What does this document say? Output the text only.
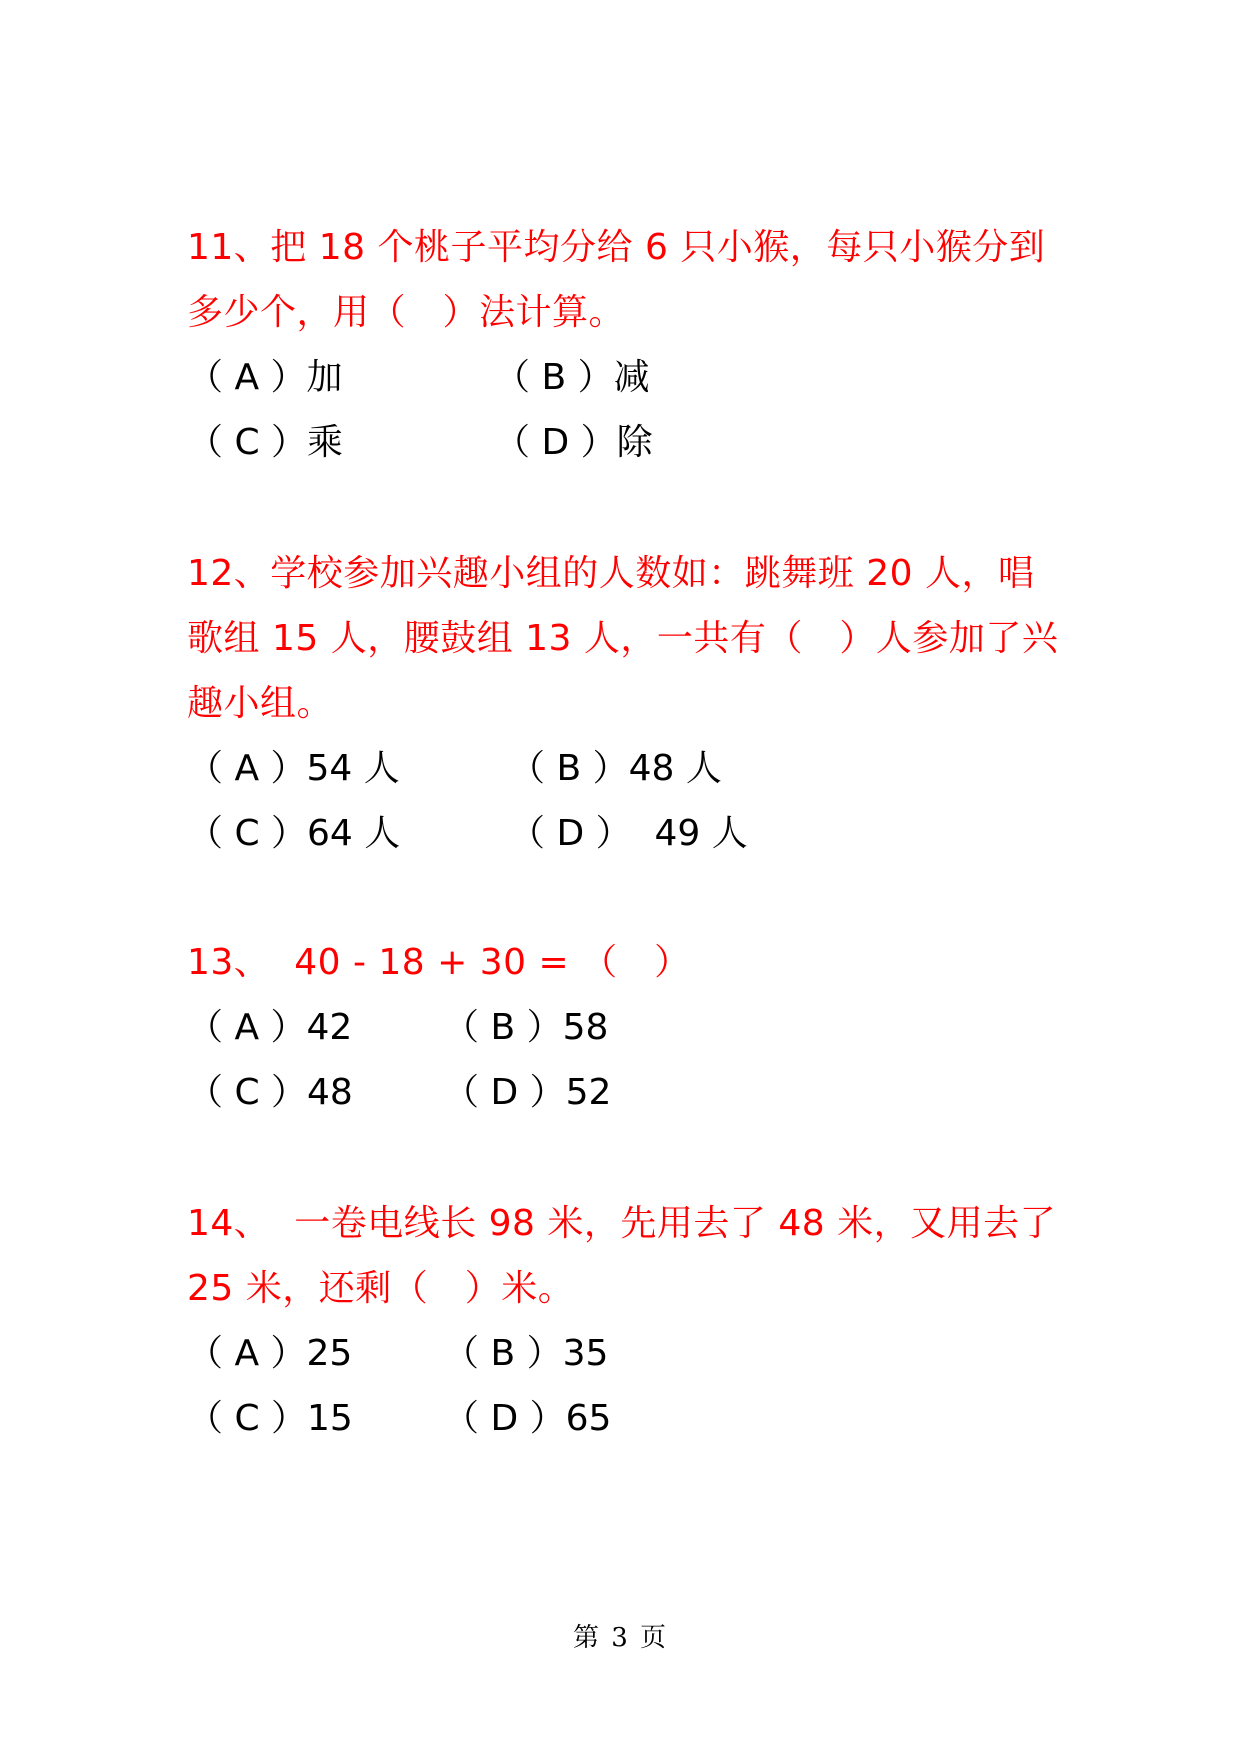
11、把 18 个桃子平均分给 6 只小猴，每只小猴分到多少个，用（　）法计算。

（ A ）加	（ B ）减
（ C ）乘	（ D ）除

12、学校参加兴趣小组的人数如：跳舞班 20 人，唱歌组 15 人，腰鼓组 13 人，一共有（　）人参加了兴趣小组。

（ A ）54 人	（ B ）48 人
（ C ）64 人	（ D ）  49 人

13、  40 - 18 + 30 = （　）

（ A ）42	（ B ）58
（ C ）48	（ D ）52

14、  一卷电线长 98 米，先用去了 48 米，又用去了 25 米，还剩（　）米。

（ A ）25	（ B ）35
（ C ）15	（ D ）65
第 3 页
